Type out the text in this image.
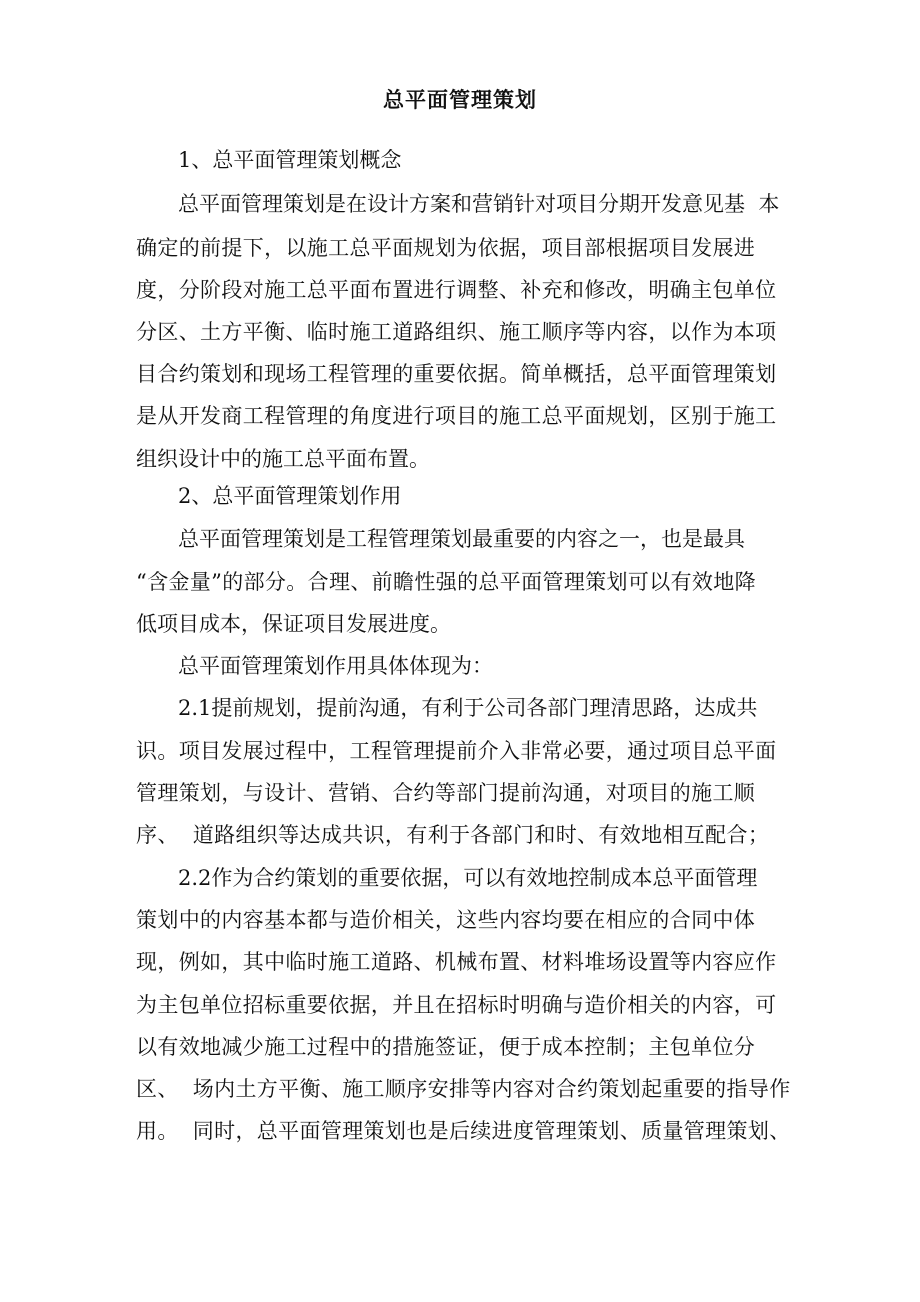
总平面管理策划
1、总平面管理策划概念
总平面管理策划是在设计方案和营销针对项目分期开发意见基  本
确定的前提下，以施工总平面规划为依据，项目部根据项目发展进
度，分阶段对施工总平面布置进行调整、补充和修改，明确主包单位
分区、土方平衡、临时施工道路组织、施工顺序等内容，以作为本项
目合约策划和现场工程管理的重要依据。简单概括，总平面管理策划
是从开发商工程管理的角度进行项目的施工总平面规划，区别于施工
组织设计中的施工总平面布置。
2、总平面管理策划作用
总平面管理策划是工程管理策划最重要的内容之一，也是最具
“含金量”的部分。合理、前瞻性强的总平面管理策划可以有效地降
低项目成本，保证项目发展进度。
总平面管理策划作用具体体现为：
2.1提前规划，提前沟通，有利于公司各部门理清思路，达成共
识。项目发展过程中，工程管理提前介入非常必要，通过项目总平面
管理策划，与设计、营销、合约等部门提前沟通，对项目的施工顺
序、  道路组织等达成共识，有利于各部门和时、有效地相互配合；
2.2作为合约策划的重要依据，可以有效地控制成本总平面管理
策划中的内容基本都与造价相关，这些内容均要在相应的合同中体
现，例如，其中临时施工道路、机械布置、材料堆场设置等内容应作
为主包单位招标重要依据，并且在招标时明确与造价相关的内容，可
以有效地减少施工过程中的措施签证，便于成本控制；主包单位分
区、  场内土方平衡、施工顺序安排等内容对合约策划起重要的指导作
用。  同时，总平面管理策划也是后续进度管理策划、质量管理策划、
